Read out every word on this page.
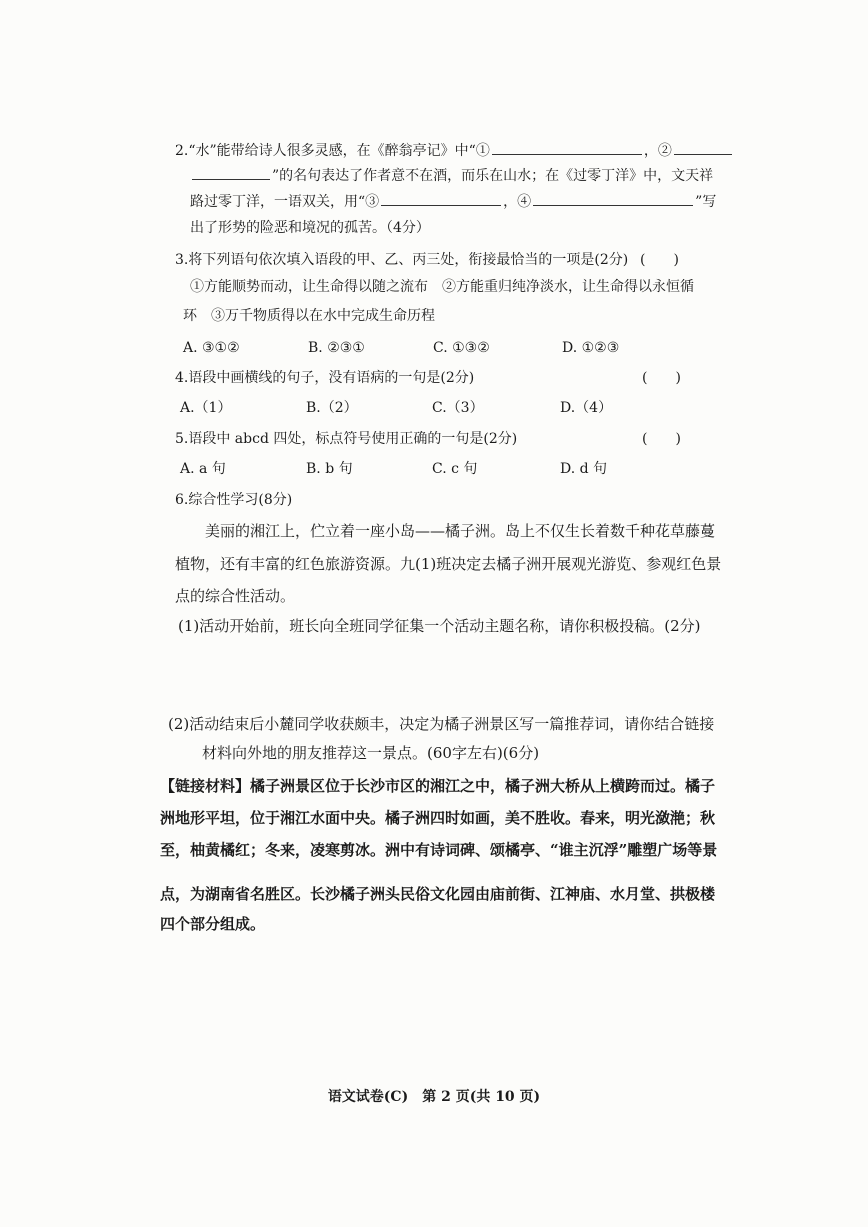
2.“水”能带给诗人很多灵感，在《醉翁亭记》中“①	，②
”的名句表达了作者意不在酒，而乐在山水；在《过零丁洋》中，文天祥
路过零丁洋，一语双关，用“③	，④	”写
出了形势的险恶和境况的孤苦。（4分）
3.将下列语句依次填入语段的甲、乙、丙三处，衔接最恰当的一项是(2分) (　　)
①方能顺势而动，让生命得以随之流布　②方能重归纯净淡水，让生命得以永恒循
环　③万千物质得以在水中完成生命历程
A. ③①②	B. ②③①	C. ①③②	D. ①②③
4.语段中画横线的句子，没有语病的一句是(2分)	(　　)
A.（1）	B.（2）	C.（3）	D.（4）
5.语段中 abcd 四处，标点符号使用正确的一句是(2分)	(　　)
A. a 句	B. b 句	C. c 句	D. d 句
6.综合性学习(8分)
美丽的湘江上，伫立着一座小岛——橘子洲。岛上不仅生长着数千种花草藤蔓
植物，还有丰富的红色旅游资源。九(1)班决定去橘子洲开展观光游览、参观红色景
点的综合性活动。
(1)活动开始前，班长向全班同学征集一个活动主题名称，请你积极投稿。(2分)
(2)活动结束后小麓同学收获颇丰，决定为橘子洲景区写一篇推荐词，请你结合链接
材料向外地的朋友推荐这一景点。(60字左右)(6分)
【链接材料】橘子洲景区位于长沙市区的湘江之中，橘子洲大桥从上横跨而过。橘子
洲地形平坦，位于湘江水面中央。橘子洲四时如画，美不胜收。春来，明光潋滟；秋
至，柚黄橘红；冬来，凌寒剪冰。洲中有诗词碑、颂橘亭、“谁主沉浮”雕塑广场等景
点，为湖南省名胜区。长沙橘子洲头民俗文化园由庙前街、江神庙、水月堂、拱极楼
四个部分组成。
语文试卷(C)　第 2 页(共 10 页)
